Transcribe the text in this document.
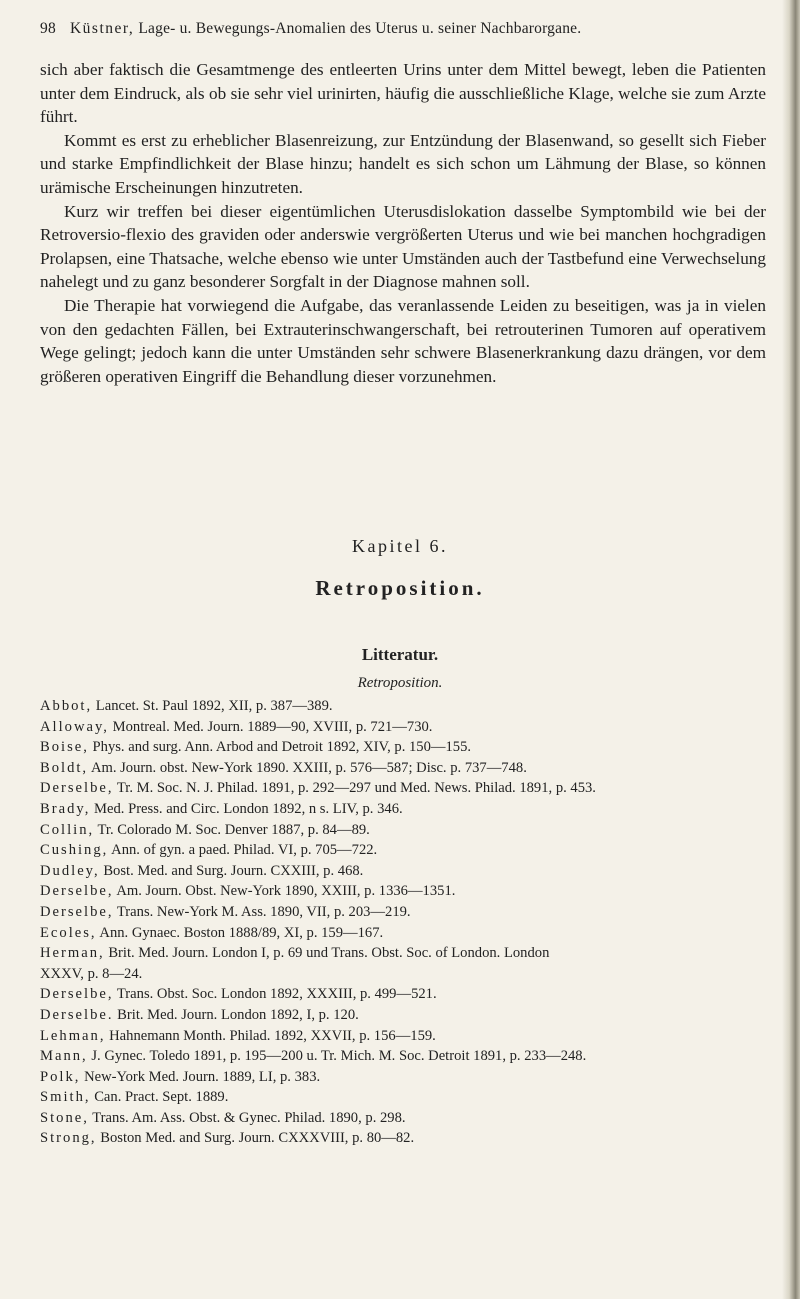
98 Küstner, Lage- u. Bewegungs-Anomalien des Uterus u. seiner Nachbarorgane.

sich aber faktisch die Gesamtmenge des entleerten Urins unter dem Mittel bewegt, leben die Patienten unter dem Eindruck, als ob sie sehr viel urinirten, häufig die ausschließliche Klage, welche sie zum Arzte führt.

Kommt es erst zu erheblicher Blasenreizung, zur Entzündung der Blasenwand, so gesellt sich Fieber und starke Empfindlichkeit der Blase hinzu; handelt es sich schon um Lähmung der Blase, so können urämische Erscheinungen hinzutreten.

Kurz wir treffen bei dieser eigentümlichen Uterusdislokation dasselbe Symptombild wie bei der Retroversio-flexio des graviden oder anderswie vergrößerten Uterus und wie bei manchen hochgradigen Prolapsen, eine Thatsache, welche ebenso wie unter Umständen auch der Tastbefund eine Verwechselung nahelegt und zu ganz besonderer Sorgfalt in der Diagnose mahnen soll.

Die Therapie hat vorwiegend die Aufgabe, das veranlassende Leiden zu beseitigen, was ja in vielen von den gedachten Fällen, bei Extrauterinschwangerschaft, bei retrouterinen Tumoren auf operativem Wege gelingt; jedoch kann die unter Umständen sehr schwere Blasenerkrankung dazu drängen, vor dem größeren operativen Eingriff die Behandlung dieser vorzunehmen.

Kapitel 6.
Retroposition.
Litteratur.
Retroposition.
Abbot, Lancet. St. Paul 1892, XII, p. 387—389.
Alloway, Montreal. Med. Journ. 1889—90, XVIII, p. 721—730.
Boise, Phys. and surg. Ann. Arbod and Detroit 1892, XIV, p. 150—155.
Boldt, Am. Journ. obst. New-York 1890. XXIII, p. 576—587; Disc. p. 737—748.
Derselbe, Tr. M. Soc. N. J. Philad. 1891, p. 292—297 und Med. News. Philad. 1891, p. 453.
Brady, Med. Press. and Circ. London 1892, n s. LIV, p. 346.
Collin, Tr. Colorado M. Soc. Denver 1887, p. 84—89.
Cushing, Ann. of gyn. a paed. Philad. VI, p. 705—722.
Dudley, Bost. Med. and Surg. Journ. CXXIII, p. 468.
Derselbe, Am. Journ. Obst. New-York 1890, XXIII, p. 1336—1351.
Derselbe, Trans. New-York M. Ass. 1890, VII, p. 203—219.
Ecoles, Ann. Gynaec. Boston 1888/89, XI, p. 159—167.
Herman, Brit. Med. Journ. London I, p. 69 und Trans. Obst. Soc. of London. London
XXXV, p. 8—24.
Derselbe, Trans. Obst. Soc. London 1892, XXXIII, p. 499—521.
Derselbe. Brit. Med. Journ. London 1892, I, p. 120.
Lehman, Hahnemann Month. Philad. 1892, XXVII, p. 156—159.
Mann, J. Gynec. Toledo 1891, p. 195—200 u. Tr. Mich. M. Soc. Detroit 1891, p. 233—248.
Polk, New-York Med. Journ. 1889, LI, p. 383.
Smith, Can. Pract. Sept. 1889.
Stone, Trans. Am. Ass. Obst. & Gynec. Philad. 1890, p. 298.
Strong, Boston Med. and Surg. Journ. CXXXVIII, p. 80—82.
